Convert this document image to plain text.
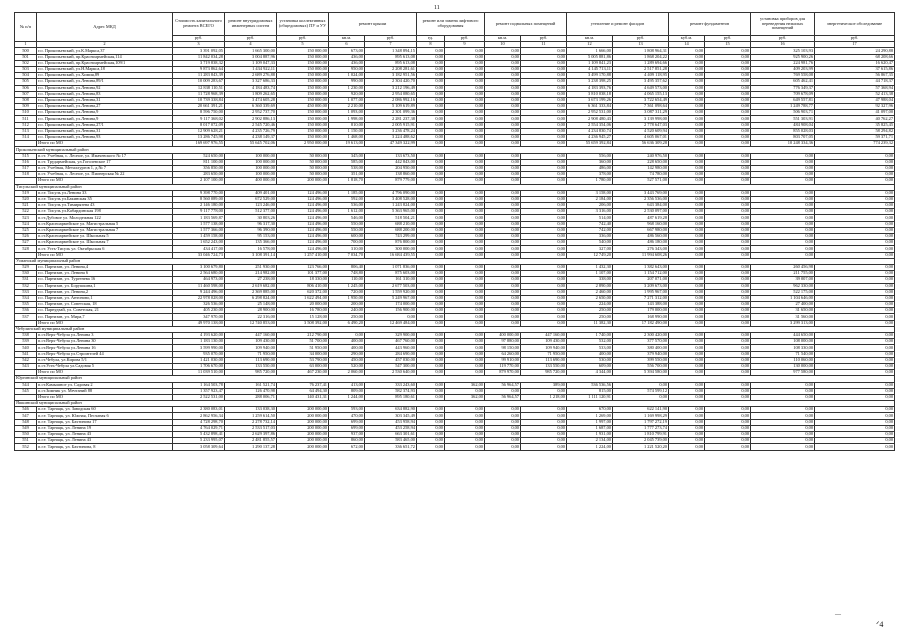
11
№ п/п	Адрес МКД	Стоимость капитального ремонта ВСЕГО	ремонт внутридомовых инженерных систем	установка коллективных (общедомовых) ПУ и УУ	ремонт крыши		ремонт или замена лифтового оборудования		ремонт подвальных помещений		утепление и ремонт фасадов		ремонт фундаментов		установка приборов для переведения нежилых помещений	энергетическое обследование
		руб.	руб.	руб.	кв.м.	руб.	ед.	руб.	кв.м.	руб.	кв.м.	руб.	куб.м.	руб.	руб.	руб.
1	2	3	4	5	6	7	8	9	10	11	12	13	14	15	16	17
500	г.о. Прокопьевский, ул.К.Маркса,37	3 391 092,05	1 665 300,00	150 000,00	673,00	1 348 894,15	0,00	0,00	0,00	0,00	1 666,00	1 808 964,31	0,00	0,00	325 103,93	24 290,88
501	г.о. Прокопьевский, пр.Красноармейская,114	11 842 034,28	3 004 887,96	150 000,00	436,00	895 613,08	0,00	0,00	0,00	0,00	5 005 881,86	1 868 204,22	0,00	0,00	925 900,26	68 208,66
502	г.о. Прокопьевский, пр.Красноармейская,109/1	3 719 838,32	1 109 047,33	150 000,00	436,00	895 613,08	0,00	0,00	0,00	0,00	1 109 841,23	1 289 694,66	0,00	0,00	224 981,76	16 620,47
503	г.о. Прокопьевский, ул.Н.Маркса,18	9 873 862,64	1 434 922,11	150 000,00	950,00	2 208 281,61	0,00	0,00	0,00	0,00	4 145 713,11	2 517 851,28	0,00	0,00	409 203,99	37 615,86
504	г.о. Прокопьевский, ул.Химия,89	11 283 843,39	2 689 276,88	150 000,00	1 024,00	3 182 951,56	0,00	0,00	0,00	0,00	3 499 170,88	4 409 118,95	0,00	0,00	769 558,08	56 867,35
505	г.о. Прокопьевский, ул.Ленина,89/1	10 009 283,67	3 327 686,33	150 000,00	990,00	2 304 420,70	0,00	0,00	0,00	0,00	3 238 398,25	3 495 357,62	0,00	0,00	605 462,41	44 718,37
506	г.о. Прокопьевский, ул.Ленина,92	12 838 110,51	4 184 483,74	150 000,00	1 230,00	3 212 196,49	0,00	0,00	0,00	0,00	4 183 393,76	4 649 573,00	0,00	0,00	776 349,37	57 368,94
507	г.о. Прокопьевский, ул.Ленина,83	11 728 968,39	1 809 262,65	150 000,00	920,00	2 954 080,65	0,00	0,00	0,00	0,00	3 810 038,18	4 065 155,13	0,00	0,00	709 678,09	52 413,38
508	г.о. Прокопьевский, ул.Ленина,31	10 739 338,84	3 474 605,28	150 000,00	1 077,00	2 086 992,16	0,00	0,00	0,00	0,00	3 673 199,26	3 722 654,49	0,00	0,00	649 557,81	47 988,04
509	г.о. Прокопьевский, ул.Ленина,27	20 661 391,21	6 360 339,69	450 000,00	2 210,00	5 109 619,89	0,00	0,00	0,00	0,00	6 361 333,84	7 361 098,64	0,00	0,00	1 249 788,77	92 327,96
510	г.о. Прокопьевский, ул.Ленина,9	8 596 750,00	2 952 737,70	150 000,00	1 093,00	2 301 099,36	0,00	0,00	0,00	0,00	2 952 531,00	3 087 311,29	0,00	0,00	506 903,71	41 097,00
511	г.о. Прокопьевский, ул.Ленина,9	9 117 368,02	2 902 886,13	150 000,00	1 998,00	2 281 237,38	0,00	0,00	0,00	0,00	2 908 480,43	3 139 998,00	0,00	0,00	551 303,91	40 762,27
512	г.о. Прокопьевский, ул.Ленина,27/1	8 017 072,09	2 545 720,46	150 000,00	810,00	2 005 915,91	0,00	0,00	0,00	0,00	2 554 354,06	2 778 647,03	0,00	0,00	484 908,04	35 825,45
513	г.о. Прокопьевский, ул.Ленина,31	12 909 628,21	4 235 726,79	150 000,00	1 150,00	3 236 478,24	0,00	0,00	0,00	0,00	4 234 830,74	4 520 609,94	0,00	0,00	855 028,03	58 294,82
514	г.о. Прокопьевский, ул.Ленина,93	13 286 745,98	4 238 149,37	150 000,00	1 468,00	3 224 488,62	0,00	0,00	0,00	0,00	4 236 945,27	4 605 067,01	0,00	0,00	803 707,05	59 371,71
	Итого по МО	169 697 976,55	55 645 702,06	2 950 000,00	19 613,00	47 349 322,99	0,00	0,00	0,00	0,00	55 659 392,84	56 636 309,28	0,00	0,00	10 248 334,36	774 239,32
Прокопьевский муниципальный район																
515	п.ст. Учебная, с. Лесное, ул. Имачевского № 17	524 650,00	100 000,00	50 000,00	345,00	133 673,50	0,00	0,00	0,00	0,00	556,00	240 976,50	0,00	0,00	0,00	0,00
516	п.ст. Трудармейская, ул.Гоголевское 17	811 100,00	100 000,00	50 000,00	585,00	442 843,00	0,00	0,00	0,00	0,00	360,00	228 650,00	0,00	0,00	0,00	0,00
517	п.ст. Учебная, Металлургов 1, д.№ 7	356 850,00	100 000,00	50 000,00	538,00	204 950,00	0,00	0,00	0,00	0,00	486,00	142 980,00	0,00	0,00	0,00	0,00
518	п.ст. Учебная, с. Лесное, ул. Пионерская № 22	283 650,00	100 000,00	50 000,00	351,00	138 860,00	0,00	0,00	0,00	0,00	378,00	74 780,00	0,00	0,00	0,00	0,00
	Итого по МО	2 107 100,00	400 000,00	200 000,00	1 818,70	879 779,00	0,00	0,00	0,00	0,00	1 780,00	527 571,00	0,00	0,00	0,00	0,00
Тисульский муниципальный район																
519	п.г.т. Тисуль ул.Ленина 33	9 398 770,00	409 401,00	124 496,00	1 185,00	4 796 090,00	0,00	0,00	0,00	0,00	3 158,00	3 443 769,00	0,00	0,00	0,00	0,00
520	п.г.т. Тисуль ул.Бакинская 35	8 560 089,00	672 529,00	124 496,00	592,00	3 408 528,00	0,00	0,00	0,00	0,00	2 184,00	2 356 536,00	0,00	0,00	0,00	0,00
521	п.г.т. Тисуль ул.Тимирязева 43	2 146 180,00	123 246,00	124 496,00	536,00	1 243 824,00	0,00	0,00	0,00	0,00	206,00	643 384,00	0,00	0,00	0,00	0,00
522	п.г.т. Тисуль ул.Кабардинская 198	9 117 778,00	512 377,00	124 496,00	1 612,00	5 363 965,00	0,00	0,00	0,00	0,00	3 316,00	2 530 097,00	0,00	0,00	0,00	0,00
523	п.ст.Дубовое ул. Молодежная 122	1 183 569,87	30 803,26	124 496,00	546,00	518 504,21	0,00	0,00	0,00	0,00	514,00	487 619,28	0,00	0,00	0,00	0,00
524	п.ст.Красноармейское ул. Магистральная 5	1 577 138,00	96 317,30	124 496,00	550,00	688 210,00	0,00	0,00	0,00	0,00	742,40	968 160,00	0,00	0,00	0,00	0,00
525	п.ст.Красноармейское ул. Магистральная 7	1 577 366,00	96 390,00	124 496,00	550,00	688 200,00	0,00	0,00	0,00	0,00	742,00	667 980,00	0,00	0,00	0,00	0,00
526	п.ст.Красноармейское ул. Школьная 5	1 459 158,00	95 153,00	124 496,00	600,00	743 299,00	0,00	0,00	0,00	0,00	336,00	486 560,00	0,00	0,00	0,00	0,00
527	п.ст.Красноармейское ул. Школьная 7	1 652 243,00	135 366,00	124 496,00	700,00	876 800,00	0,00	0,00	0,00	0,00	540,00	486 180,00	0,00	0,00	0,00	0,00
528	п.ст. Усть-Тисуль ул. Октябрьская 6	434 417,00	16 578,00	124 496,00	310,00	300 000,00	0,00	0,00	0,00	0,00	327,00	276 343,00	0,00	0,00	0,00	0,00
	Итого по МО	33 046 724,73	3 108 391,14	1 257 410,00	7 034,70	16 684 439,55	0,00	0,00	0,00	0,00	12 749,20	11 994 608,26	0,00	0,00	0,00	0,00
Усманский муниципальный район																
529	г.о. Партизан, ул. Ленина,4	3 100 679,80	251 930,00	123 766,00	806,40	1 071 836,00	0,00	0,00	0,00	0,00	1 432,30	1 382 643,00	0,00	0,00	260 456,98	0,00
530	г.о. Партизан, ул. Ленина 6	2 564 680,00	214 982,00	101 377,00	748,80	875 603,00	0,00	0,00	0,00	0,00	1 107,00	1 154 712,00	0,00	0,00	211 755,00	0,00
531	г.о. Партизан, ул. Тургенева 16	464 973,00	27 238,00	18 330,00	110,00	161 310,00	0,00	0,00	0,00	0,00	338,00	207 071,00	0,00	0,00	39 007,00	0,00
532	г.о. Партизан, ул. Борушкина,1	11 460 598,00	2 619 682,00	806 410,00	1 245,00	2 677 503,00	0,00	0,00	0,00	0,00	2 890,00	3 209 673,00	0,00	0,00	962 330,00	0,00
533	г.о. Партизан, ул. Ленина,2	9 244 496,00	2 369 885,00	620 372,00	720,00	1 559 920,00	0,00	0,00	0,00	0,00	2 460,00	1 995 967,00	0,00	0,00	522 175,00	0,00
534	г.о. Партизан, ул. Антоново,1	22 978 028,00	6 298 824,00	1 622 494,00	1 950,00	5 249 967,00	0,00	0,00	0,00	0,00	2 650,00	7 271 312,00	0,00	0,00	1 104 646,00	0,00
535	г.о. Партизан, ул. Советская, 18	326 536,00	25 148,00	20 000,00	200,00	174 000,00	0,00	0,00	0,00	0,00	224,00	143 388,00	0,00	0,00	27 400,00	0,00
536	г.о. Парнудзай, ул. Советская, 21	405 230,00	28 900,00	16 780,00	240,00	156 900,00	0,00	0,00	0,00	0,00	250,00	179 000,00	0,00	0,00	31 650,00	0,00
537	г.о. Партизан, ул. Мира,7	347 970,00	22 316,00	15 128,00	250,00	0,00	0,00	0,00	0,00	0,00	250,00	168 990,00	0,00	0,00	31 560,00	0,00
	Итого по МО	49 970 138,00	12 740 853,00	3 508 392,00	6 490,20	12 469 484,00	0,00	0,00	0,00	0,00	11 382,30	17 182 490,00	0,00	0,00	3 299 313,00	0,00
Чебулинский муниципальный район																
538	п.ст.Верх-Чебула ул.Ленина 3	4 193 620,00	447 160,00	212 790,00	0,00	329 900,00	0,00	0,00	400 000,00	447 160,00	1 740,00	2 300 420,00	0,00	0,00	444 650,00	0,00
539	п.ст.Верх-Чебула ул.Ленина 30	1 183 130,00	109 430,00	51 700,00	400,00	467 760,00	0,00	0,00	97 880,00	109 430,00	532,00	377 570,00	0,00	0,00	108 000,00	0,00
540	п.ст.Верх-Чебула ул.Ленина 16	3 599 990,00	109 940,00	51 950,00	400,00	443 960,00	0,00	0,00	98 150,00	109 940,00	533,00	380 400,00	0,00	0,00	108 330,00	0,00
541	п.ст.Верх-Чебула ул.Строителей 44	935 070,00	71 950,00	34 000,00	290,00	284 690,00	0,00	0,00	64 260,00	71 950,00	400,00	379 940,00	0,00	0,00	71 540,00	0,00
542	п.ст.Чебула, ул.Кирова 5/1	1 421 030,00	113 690,00	53 790,00	450,00	457 030,00	0,00	0,00	99 910,00	113 690,00	530,00	399 550,00	0,00	0,00	110 060,00	0,00
543	п.ст.Усть-Чебула ул.Садовая 5	1 706 670,00	133 550,00	63 000,00	520,00	547 300,00	0,00	0,00	119 770,00	133 550,00	609,00	556 700,00	0,00	0,00	130 000,00	0,00
	Итого по МО	11 039 510,00	985 720,00	467 230,00	2 060,00	2 530 640,00	0,00	0,00	879 970,00	985 720,00	4 344,00	5 394 580,00	0,00	0,00	977 580,00	0,00
Юргинский муниципальный район																
544	п.ст.Камышное ул. Садовая 2	1 164 503,78	161 521,74	76 237,41	413,00	333 243,60	0,00	362,00	56 964,57	389,00	536 536,56	0,00	0,00	0,00	0,00	0,00
545	п.ст.Зимник ул. Мечтаний 88	1 357 923,47	126 470,98	64 494,30	809,00	582 374,93	0,00	0,00	0,00	0,00	815,00	574 599,12	0,00	0,00	0,00	0,00
	Итого по МО	2 522 531,00	288 006,71	140 431,31	1 244,00	895 180,61	0,00	362,00	56 964,57	1 218,00	1 111 120,91	0,00	0,00	0,00	0,00	0,00
Яшкинский муниципальный район																
546	п.г.т. Тарнацк, ул. Заводская 60	2 380 083,01	133 038,30	200 000,00	593,00	634 882,90	0,00	0,00	0,00	0,00	670,00	622 141,90	0,00	0,00	0,00	0,00
547	п.г.т. Тарнацк, ул. Южная, Песчаная 6	2 862 956,34	1 259 614,50	200 000,00	470,00	303 345,49	0,00	0,00	0,00	0,00	1 269,00	1 169 998,29	0,00	0,00	0,00	0,00
548	п.г.т. Тарнацк, ул. Бахтинова 17	4 728 298,70	2 278 732,14	200 000,00	699,00	453 958,94	0,00	0,00	0,00	0,00	1 997,00	1 797 272,19	0,00	0,00	0,00	0,00
549	п.г.т. Тарнацк, ул. Ленина 19	4 764 029,71	2 533 517,03	200 000,00	699,00	453 258,94	0,00	0,00	0,00	0,00	1 687,00	1 777 273,74	0,00	0,00	0,00	0,00
550	п.г.т. Тарнацк, ул. Ленина 43	5 432 898,41	2 629 397,86	200 000,00	937,00	663 301,61	0,00	0,00	0,00	0,00	1 931,00	1 810 799,91	0,00	0,00	0,00	0,00
551	п.г.т. Тарнацк, ул. Ленина 43	5 233 995,07	2 481 855,57	200 000,00	860,00	583 465,00	0,00	0,00	0,00	0,00	2 134,00	2 045 739,00	0,00	0,00	0,00	0,00
552	п.г.т. Тарнацк, ул. Бахтинова, 8	3 058 309,64	1 290 137,28	200 000,00	672,00	336 651,72	0,00	0,00	0,00	0,00	1 224,00	1 221 520,20	0,00	0,00	0,00	0,00
—
ᐟ4
